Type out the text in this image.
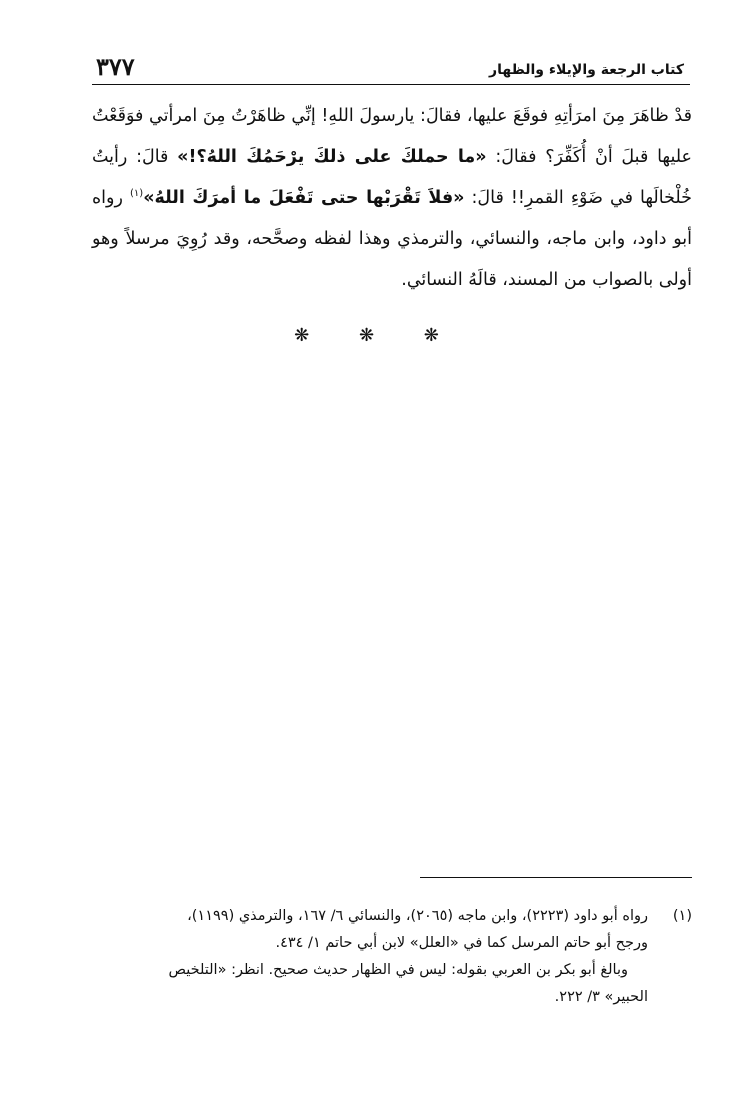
٣٧٧	كتاب الرجعة والإيلاء والظهار
قدْ ظاهَرَ مِنَ امرَأتِهِ فوقَعَ عليها، فقالَ: يارسولَ اللهِ! إنِّي ظاهَرْتُ مِنَ امرأتي فوَقَعْتُ عليها قبلَ أنْ أُكَفِّرَ؟ فقالَ: «ما حملكَ على ذلكَ يرْحَمُكَ اللهُ؟!» قالَ: رأيتُ خُلْخالَها في ضَوْءِ القمرِ!! قالَ: «فلاَ تَقْرَبْها حتى تَفْعَلَ ما أمرَكَ اللهُ»$^{(١)}$ رواه أبو داود، وابن ماجه، والنسائي، والترمذي وهذا لفظه وصحَّحه، وقد رُوِيَ مرسلاً وهو أولى بالصواب من المسند، قالَهُ النسائي.
❋ ❋ ❋
(١)رواه أبو داود (٢٢٢٣)، وابن ماجه (٢٠٦٥)، والنسائي ٦/ ١٦٧، والترمذي (١١٩٩)،
ورجح أبو حاتم المرسل كما في «العلل» لابن أبي حاتم ١/ ٤٣٤.
وبالغ أبو بكر بن العربي بقوله: ليس في الظهار حديث صحيح. انظر: «التلخيص
الحبير» ٣/ ٢٢٢.
